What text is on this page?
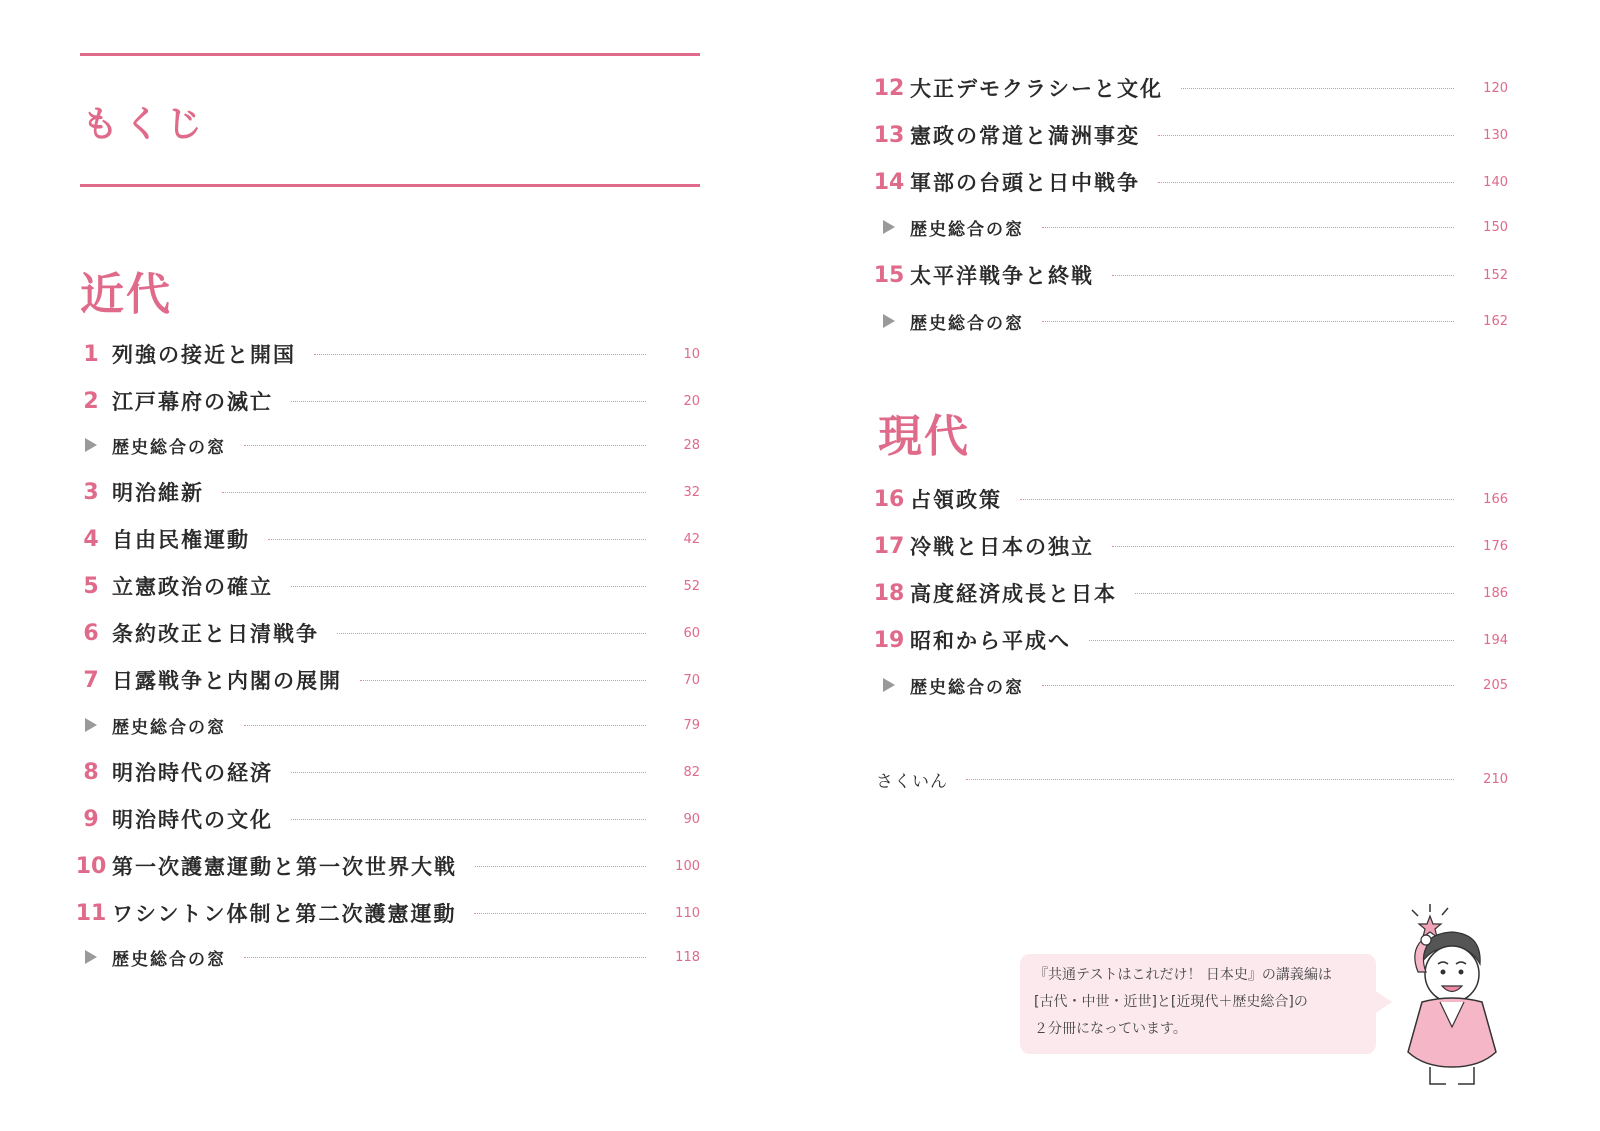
もくじ
近代
1 列強の接近と開国	10
2 江戸幕府の滅亡	20
歴史総合の窓	28
3 明治維新	32
4 自由民権運動	42
5 立憲政治の確立	52
6 条約改正と日清戦争	60
7 日露戦争と内閣の展開	70
歴史総合の窓	79
8 明治時代の経済	82
9 明治時代の文化	90
10 第一次護憲運動と第一次世界大戦	100
11 ワシントン体制と第二次護憲運動	110
歴史総合の窓	118
12 大正デモクラシーと文化	120
13 憲政の常道と満洲事変	130
14 軍部の台頭と日中戦争	140
歴史総合の窓	150
15 太平洋戦争と終戦	152
歴史総合の窓	162
現代
16 占領政策	166
17 冷戦と日本の独立	176
18 高度経済成長と日本	186
19 昭和から平成へ	194
歴史総合の窓	205
さくいん	210
『共通テストはこれだけ！ 日本史』の講義編は
[古代・中世・近世]と[近現代＋歴史総合]の
２分冊になっています。
